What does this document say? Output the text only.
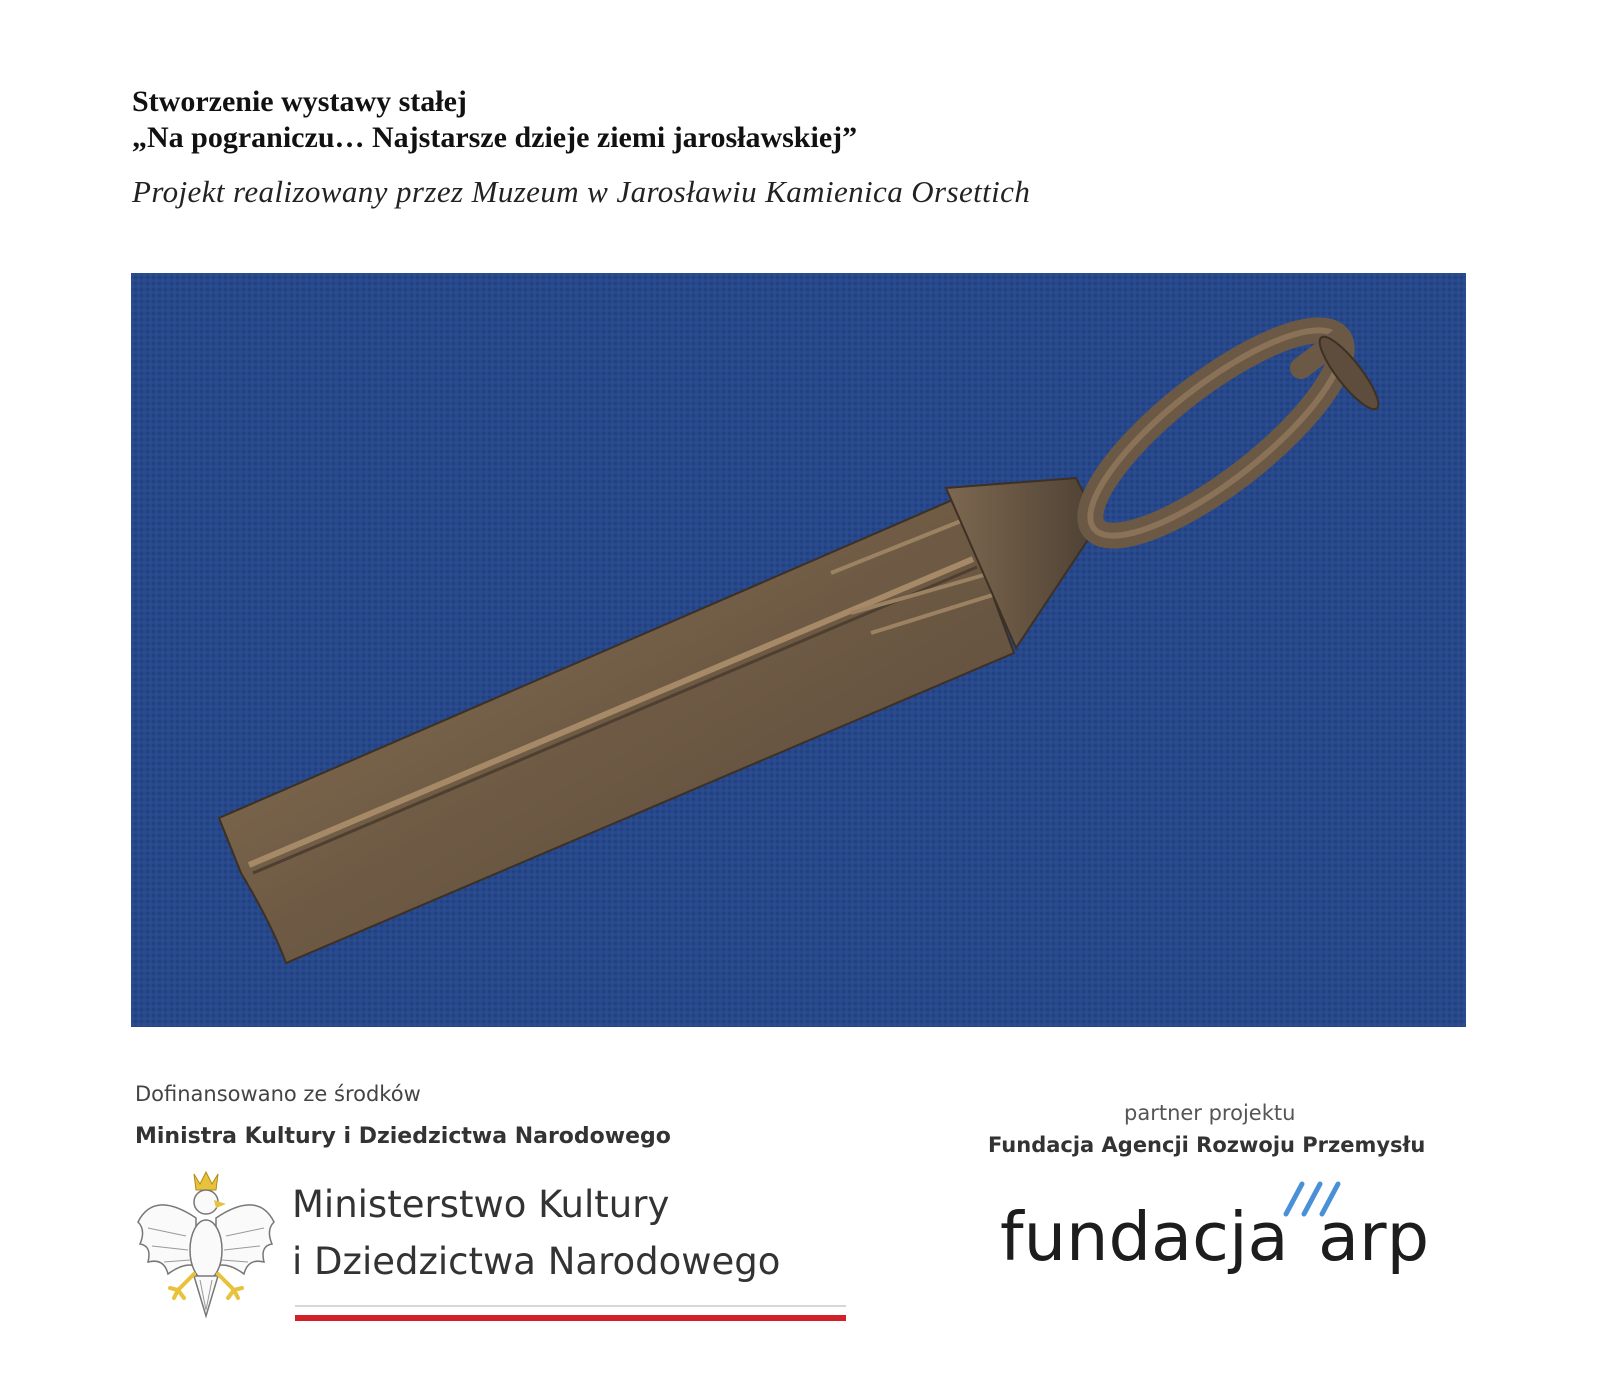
Stworzenie wystawy stałej
„Na pograniczu… Najstarsze dzieje ziemi jarosławskiej”
Projekt realizowany przez Muzeum w Jarosławiu Kamienica Orsettich
Dofinansowano ze środków
Ministra Kultury i Dziedzictwa Narodowego
Ministerstwo Kultury
i Dziedzictwa Narodowego
partner projektu
Fundacja Agencji Rozwoju Przemysłu
fundacja arp
